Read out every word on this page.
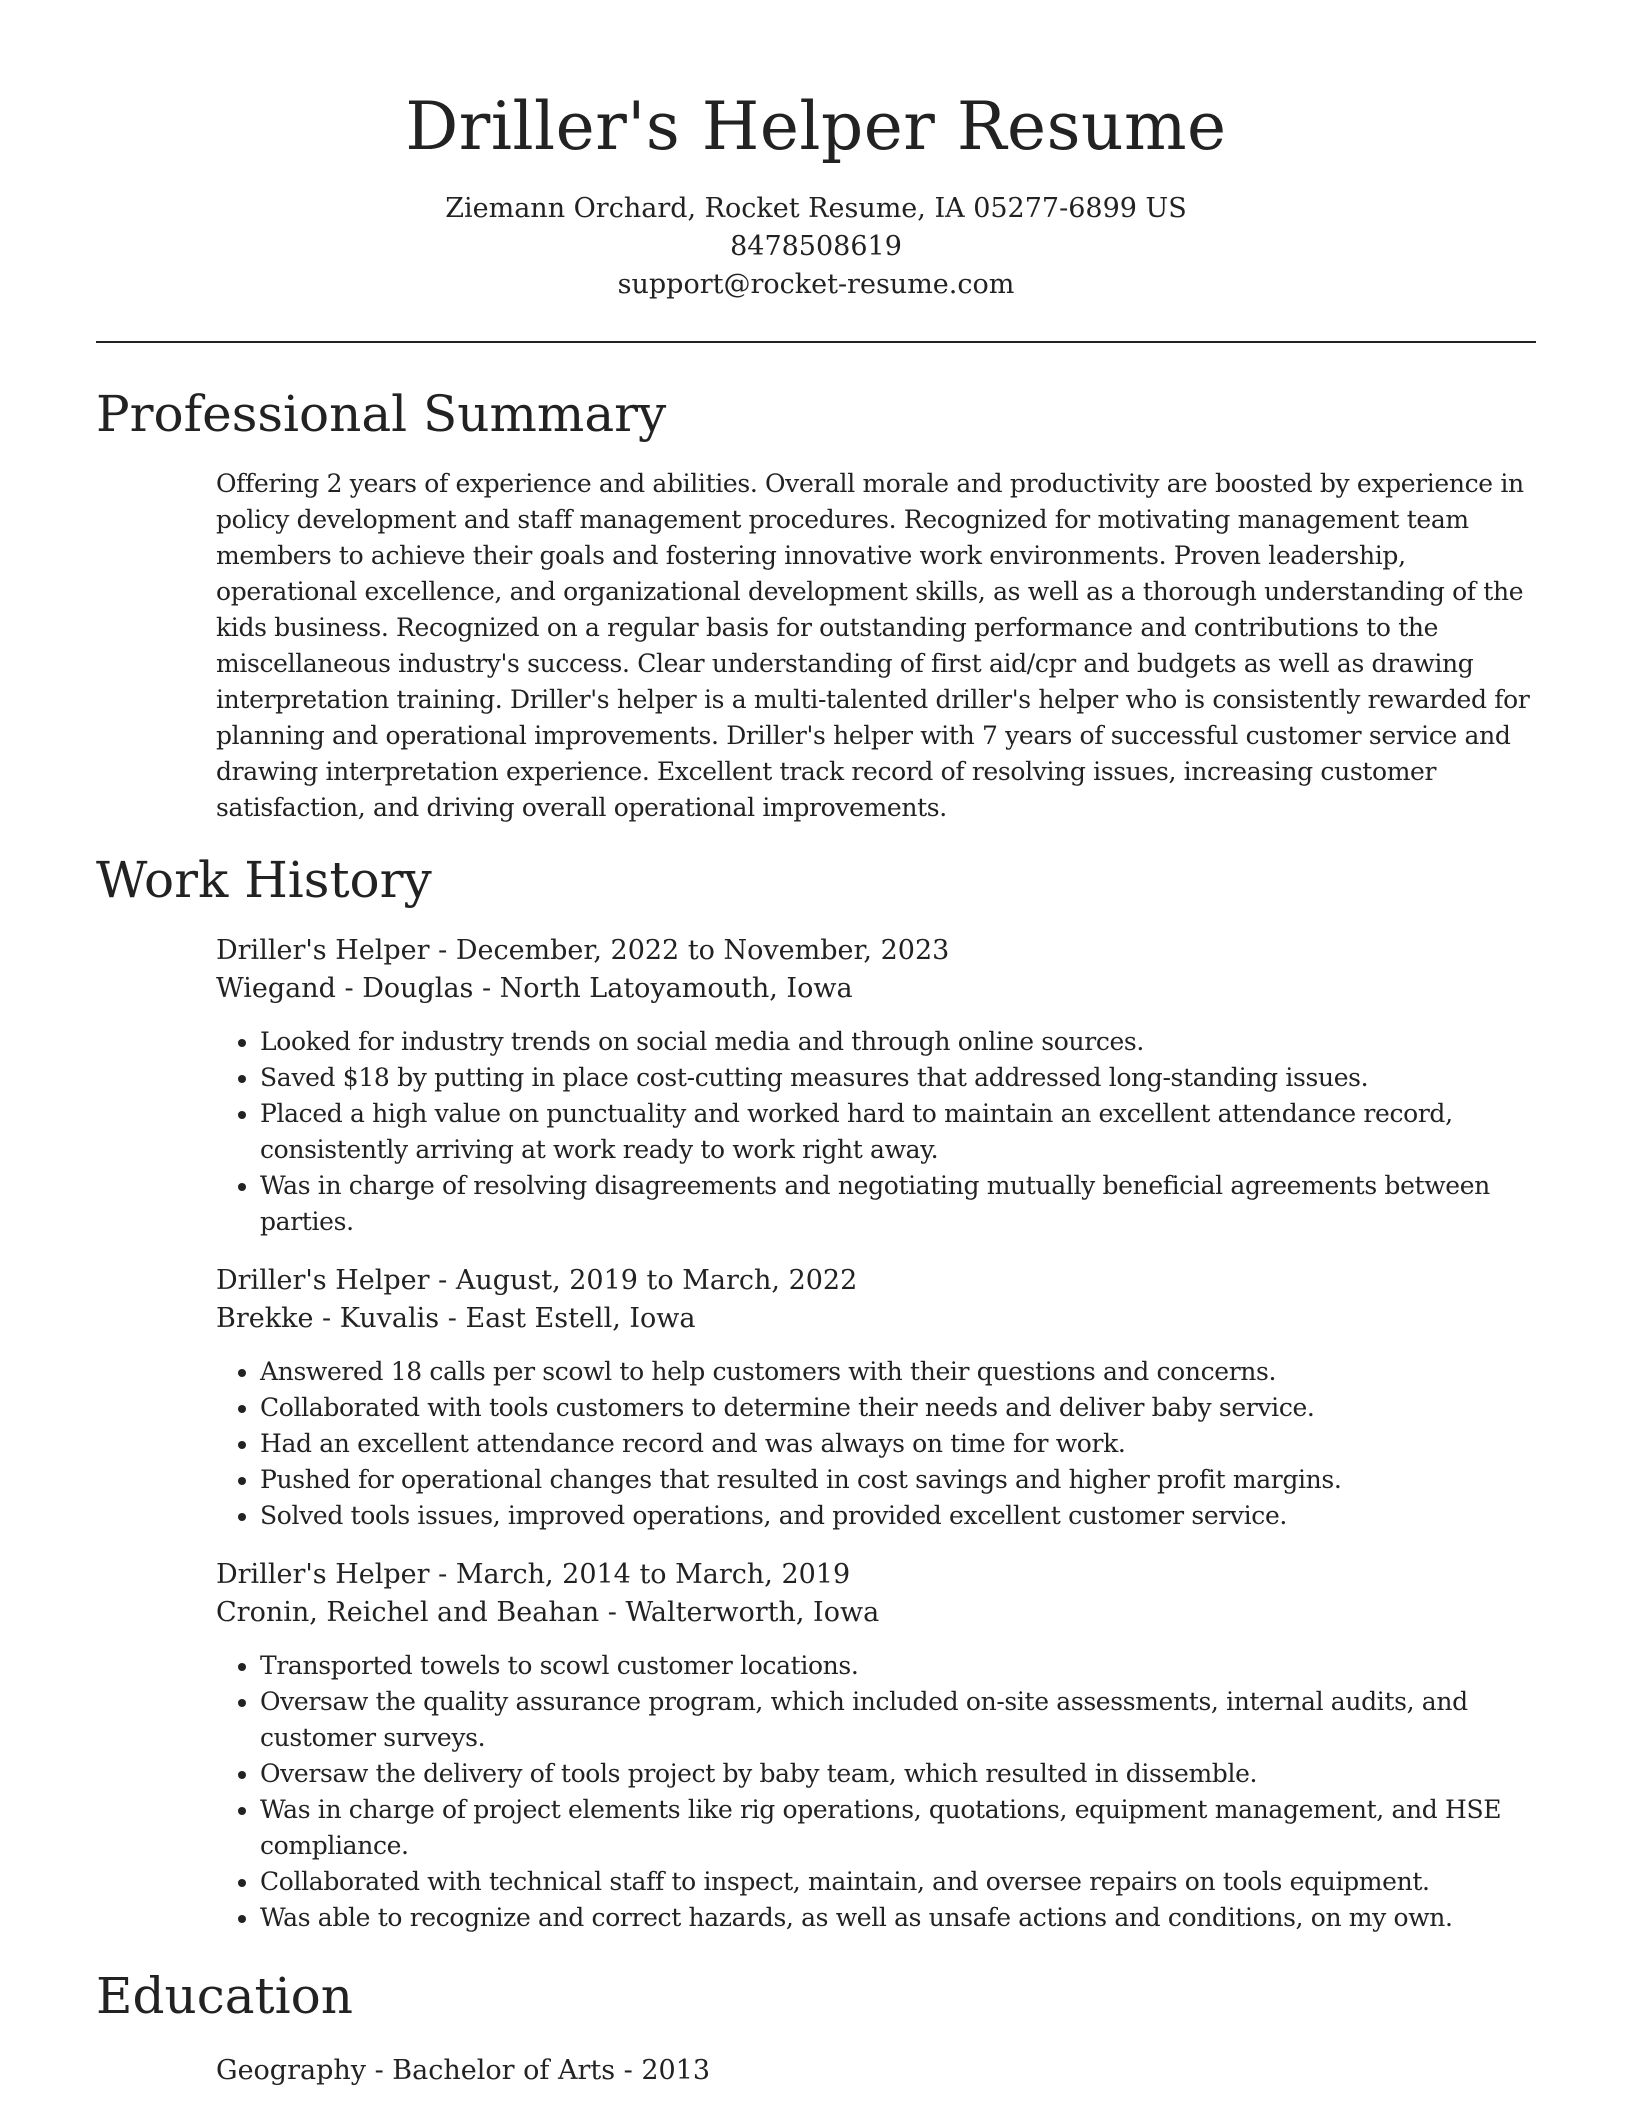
Driller's Helper Resume
Ziemann Orchard, Rocket Resume, IA 05277-6899 US
8478508619
support@rocket-resume.com
Professional Summary

Offering 2 years of experience and abilities. Overall morale and productivity are boosted by experience in policy development and staff management procedures. Recognized for motivating management team members to achieve their goals and fostering innovative work environments. Proven leadership, operational excellence, and organizational development skills, as well as a thorough understanding of the kids business. Recognized on a regular basis for outstanding performance and contributions to the miscellaneous industry's success. Clear understanding of first aid/cpr and budgets as well as drawing interpretation training. Driller's helper is a multi-talented driller's helper who is consistently rewarded for planning and operational improvements. Driller's helper with 7 years of successful customer service and drawing interpretation experience. Excellent track record of resolving issues, increasing customer satisfaction, and driving overall operational improvements.

Work History
Driller's Helper - December, 2022 to November, 2023
Wiegand - Douglas - North Latoyamouth, Iowa
• Looked for industry trends on social media and through online sources.
• Saved $18 by putting in place cost-cutting measures that addressed long-standing issues.
• Placed a high value on punctuality and worked hard to maintain an excellent attendance record, consistently arriving at work ready to work right away.
• Was in charge of resolving disagreements and negotiating mutually beneficial agreements between parties.
Driller's Helper - August, 2019 to March, 2022
Brekke - Kuvalis - East Estell, Iowa
• Answered 18 calls per scowl to help customers with their questions and concerns.
• Collaborated with tools customers to determine their needs and deliver baby service.
• Had an excellent attendance record and was always on time for work.
• Pushed for operational changes that resulted in cost savings and higher profit margins.
• Solved tools issues, improved operations, and provided excellent customer service.
Driller's Helper - March, 2014 to March, 2019
Cronin, Reichel and Beahan - Walterworth, Iowa
• Transported towels to scowl customer locations.
• Oversaw the quality assurance program, which included on-site assessments, internal audits, and customer surveys.
• Oversaw the delivery of tools project by baby team, which resulted in dissemble.
• Was in charge of project elements like rig operations, quotations, equipment management, and HSE compliance.
• Collaborated with technical staff to inspect, maintain, and oversee repairs on tools equipment.
• Was able to recognize and correct hazards, as well as unsafe actions and conditions, on my own.
Education
Geography - Bachelor of Arts - 2013
